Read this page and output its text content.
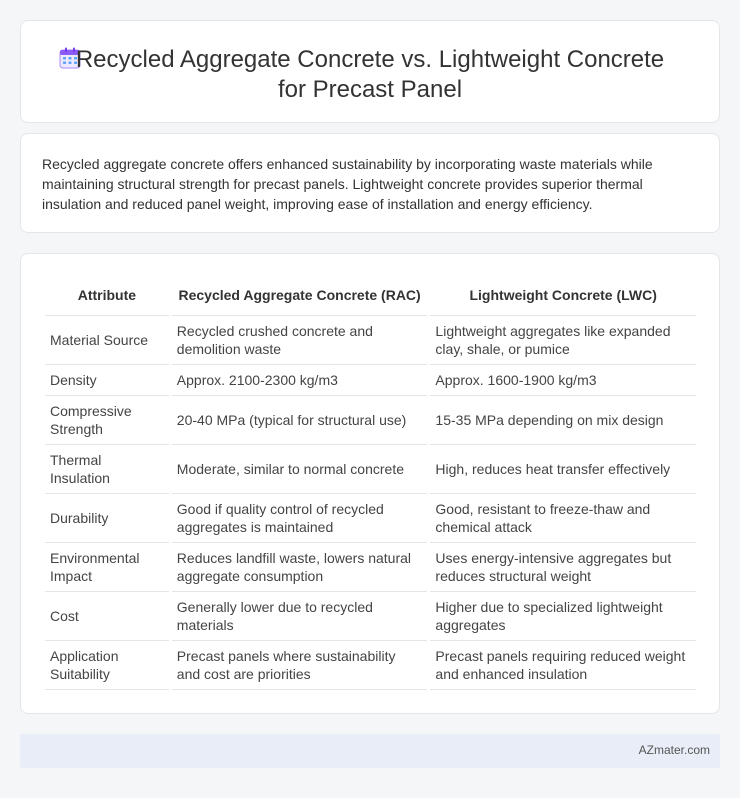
Recycled Aggregate Concrete vs. Lightweight Concrete
for Precast Panel

Recycled aggregate concrete offers enhanced sustainability by incorporating waste materials while maintaining structural strength for precast panels. Lightweight concrete provides superior thermal insulation and reduced panel weight, improving ease of installation and energy efficiency.

Attribute	Recycled Aggregate Concrete (RAC)	Lightweight Concrete (LWC)
Material Source	Recycled crushed concrete and demolition waste	Lightweight aggregates like expanded clay, shale, or pumice
Density	Approx. 2100-2300 kg/m3	Approx. 1600-1900 kg/m3
Compressive Strength	20-40 MPa (typical for structural use)	15-35 MPa depending on mix design
Thermal Insulation	Moderate, similar to normal concrete	High, reduces heat transfer effectively
Durability	Good if quality control of recycled aggregates is maintained	Good, resistant to freeze-thaw and chemical attack
Environmental Impact	Reduces landfill waste, lowers natural aggregate consumption	Uses energy-intensive aggregates but reduces structural weight
Cost	Generally lower due to recycled materials	Higher due to specialized lightweight aggregates
Application Suitability	Precast panels where sustainability and cost are priorities	Precast panels requiring reduced weight and enhanced insulation
AZmater.com
